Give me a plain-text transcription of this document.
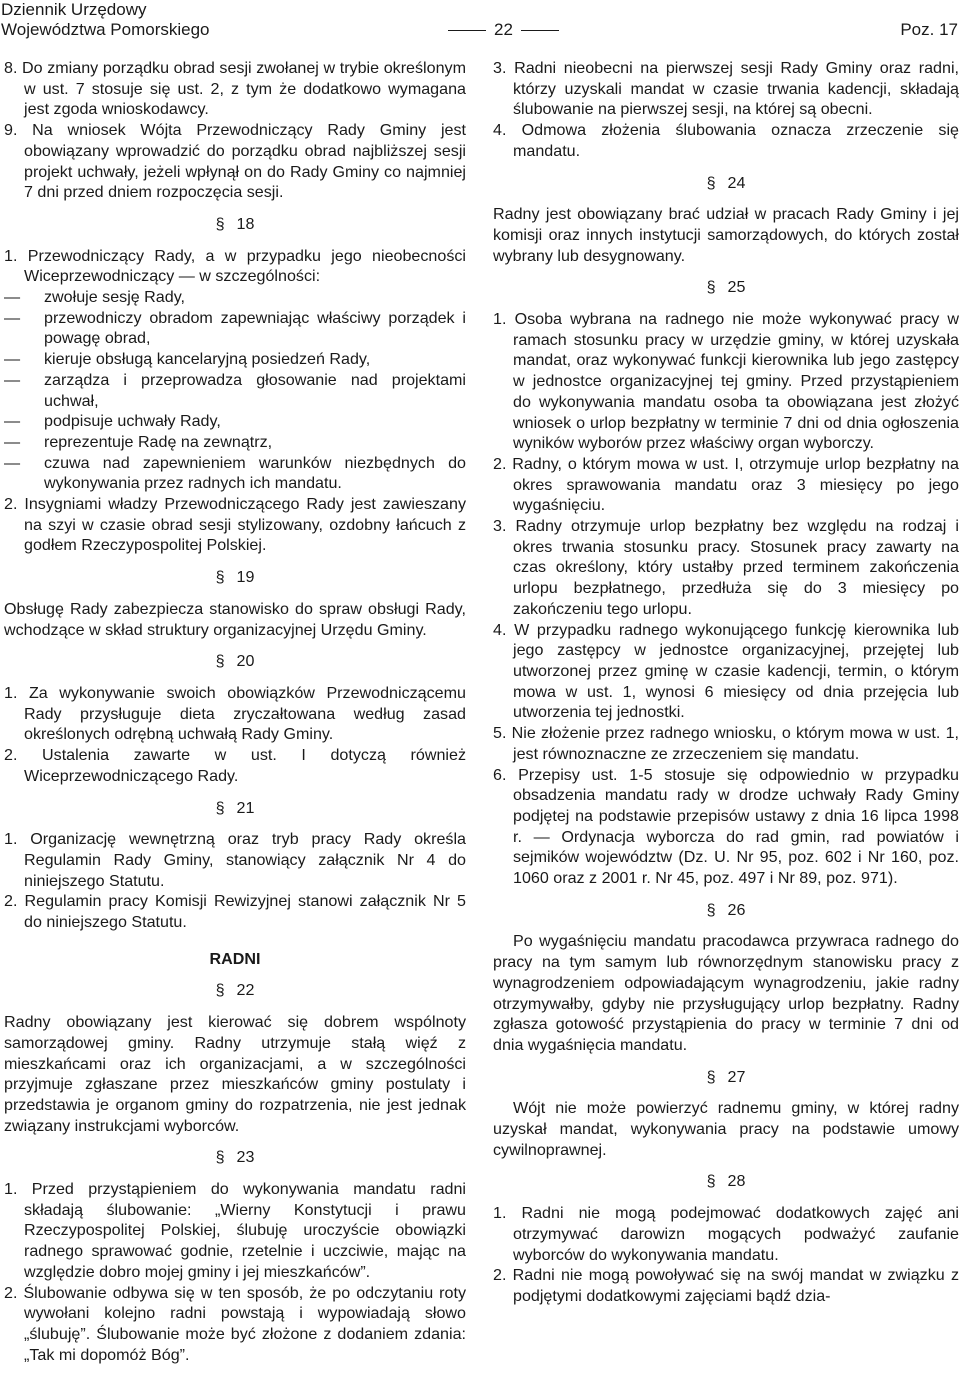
Dziennik Urzędowy
Województwa Pomorskiego	22	Poz. 17

8. Do zmiany porządku obrad sesji zwołanej w trybie określonym w ust. 7 stosuje się ust. 2, z tym że dodatkowo wymagana jest zgoda wnioskodawcy.

9. Na wniosek Wójta Przewodniczący Rady Gminy jest obowiązany wprowadzić do porządku obrad najbliższej sesji projekt uchwały, jeżeli wpłynął on do Rady Gminy co najmniej 7 dni przed dniem rozpoczęcia sesji.

§ 18

1. Przewodniczący Rady, a w przypadku jego nieobecności Wiceprzewodniczący — w szczególności:

— zwołuje sesję Rady,

— przewodniczy obradom zapewniając właściwy porządek i powagę obrad,

— kieruje obsługą kancelaryjną posiedzeń Rady,

— zarządza i przeprowadza głosowanie nad projektami uchwał,

— podpisuje uchwały Rady,

— reprezentuje Radę na zewnątrz,

— czuwa nad zapewnieniem warunków niezbędnych do wykonywania przez radnych ich mandatu.

2. Insygniami władzy Przewodniczącego Rady jest zawieszany na szyi w czasie obrad sesji stylizowany, ozdobny łańcuch z godłem Rzeczypospolitej Polskiej.

§ 19

Obsługę Rady zabezpiecza stanowisko do spraw obsługi Rady, wchodzące w skład struktury organizacyjnej Urzędu Gminy.

§ 20

1. Za wykonywanie swoich obowiązków Przewodniczącemu Rady przysługuje dieta zryczałtowana według zasad określonych odrębną uchwałą Rady Gminy.

2. Ustalenia zawarte w ust. I dotyczą również Wiceprzewodniczącego Rady.

§ 21

1. Organizację wewnętrzną oraz tryb pracy Rady określa Regulamin Rady Gminy, stanowiący załącznik Nr 4 do niniejszego Statutu.

2. Regulamin pracy Komisji Rewizyjnej stanowi załącznik Nr 5 do niniejszego Statutu.

RADNI
§ 22

Radny obowiązany jest kierować się dobrem wspólnoty samorządowej gminy. Radny utrzymuje stałą więź z mieszkańcami oraz ich organizacjami, a w szczególności przyjmuje zgłaszane przez mieszkańców gminy postulaty i przedstawia je organom gminy do rozpatrzenia, nie jest jednak związany instrukcjami wyborców.

§ 23

1. Przed przystąpieniem do wykonywania mandatu radni składają ślubowanie: „Wierny Konstytucji i prawu Rzeczypospolitej Polskiej, ślubuję uroczyście obowiązki radnego sprawować godnie, rzetelnie i uczciwie, mając na względzie dobro mojej gminy i jej mieszkańców”.

2. Ślubowanie odbywa się w ten sposób, że po odczytaniu roty wywołani kolejno radni powstają i wypowiadają słowo „ślubuję”. Ślubowanie może być złożone z dodaniem zdania: „Tak mi dopomóż Bóg”.

3. Radni nieobecni na pierwszej sesji Rady Gminy oraz radni, którzy uzyskali mandat w czasie trwania kadencji, składają ślubowanie na pierwszej sesji, na której są obecni.

4. Odmowa złożenia ślubowania oznacza zrzeczenie się mandatu.

§ 24

Radny jest obowiązany brać udział w pracach Rady Gminy i jej komisji oraz innych instytucji samorządowych, do których został wybrany lub desygnowany.

§ 25

1. Osoba wybrana na radnego nie może wykonywać pracy w ramach stosunku pracy w urzędzie gminy, w której uzyskała mandat, oraz wykonywać funkcji kierownika lub jego zastępcy w jednostce organizacyjnej tej gminy. Przed przystąpieniem do wykonywania mandatu osoba ta obowiązana jest złożyć wniosek o urlop bezpłatny w terminie 7 dni od dnia ogłoszenia wyników wyborów przez właściwy organ wyborczy.

2. Radny, o którym mowa w ust. I, otrzymuje urlop bezpłatny na okres sprawowania mandatu oraz 3 miesięcy po jego wygaśnięciu.

3. Radny otrzymuje urlop bezpłatny bez względu na rodzaj i okres trwania stosunku pracy. Stosunek pracy zawarty na czas określony, który ustałby przed terminem zakończenia urlopu bezpłatnego, przedłuża się do 3 miesięcy po zakończeniu tego urlopu.

4. W przypadku radnego wykonującego funkcję kierownika lub jego zastępcy w jednostce organizacyjnej, przejętej lub utworzonej przez gminę w czasie kadencji, termin, o którym mowa w ust. 1, wynosi 6 miesięcy od dnia przejęcia lub utworzenia tej jednostki.

5. Nie złożenie przez radnego wniosku, o którym mowa w ust. 1, jest równoznaczne ze zrzeczeniem się mandatu.

6. Przepisy ust. 1-5 stosuje się odpowiednio w przypadku obsadzenia mandatu rady w drodze uchwały Rady Gminy podjętej na podstawie przepisów ustawy z dnia 16 lipca 1998 r. — Ordynacja wyborcza do rad gmin, rad powiatów i sejmików województw (Dz. U. Nr 95, poz. 602 i Nr 160, poz. 1060 oraz z 2001 r. Nr 45, poz. 497 i Nr 89, poz. 971).

§ 26

Po wygaśnięciu mandatu pracodawca przywraca radnego do pracy na tym samym lub równorzędnym stanowisku pracy z wynagrodzeniem odpowiadającym wynagrodzeniu, jakie radny otrzymywałby, gdyby nie przysługujący urlop bezpłatny. Radny zgłasza gotowość przystąpienia do pracy w terminie 7 dni od dnia wygaśnięcia mandatu.

§ 27

Wójt nie może powierzyć radnemu gminy, w której radny uzyskał mandat, wykonywania pracy na podstawie umowy cywilnoprawnej.

§ 28

1. Radni nie mogą podejmować dodatkowych zajęć ani otrzymywać darowizn mogących podważyć zaufanie wyborców do wykonywania mandatu.

2. Radni nie mogą powoływać się na swój mandat w związku z podjętymi dodatkowymi zajęciami bądź dzia-
